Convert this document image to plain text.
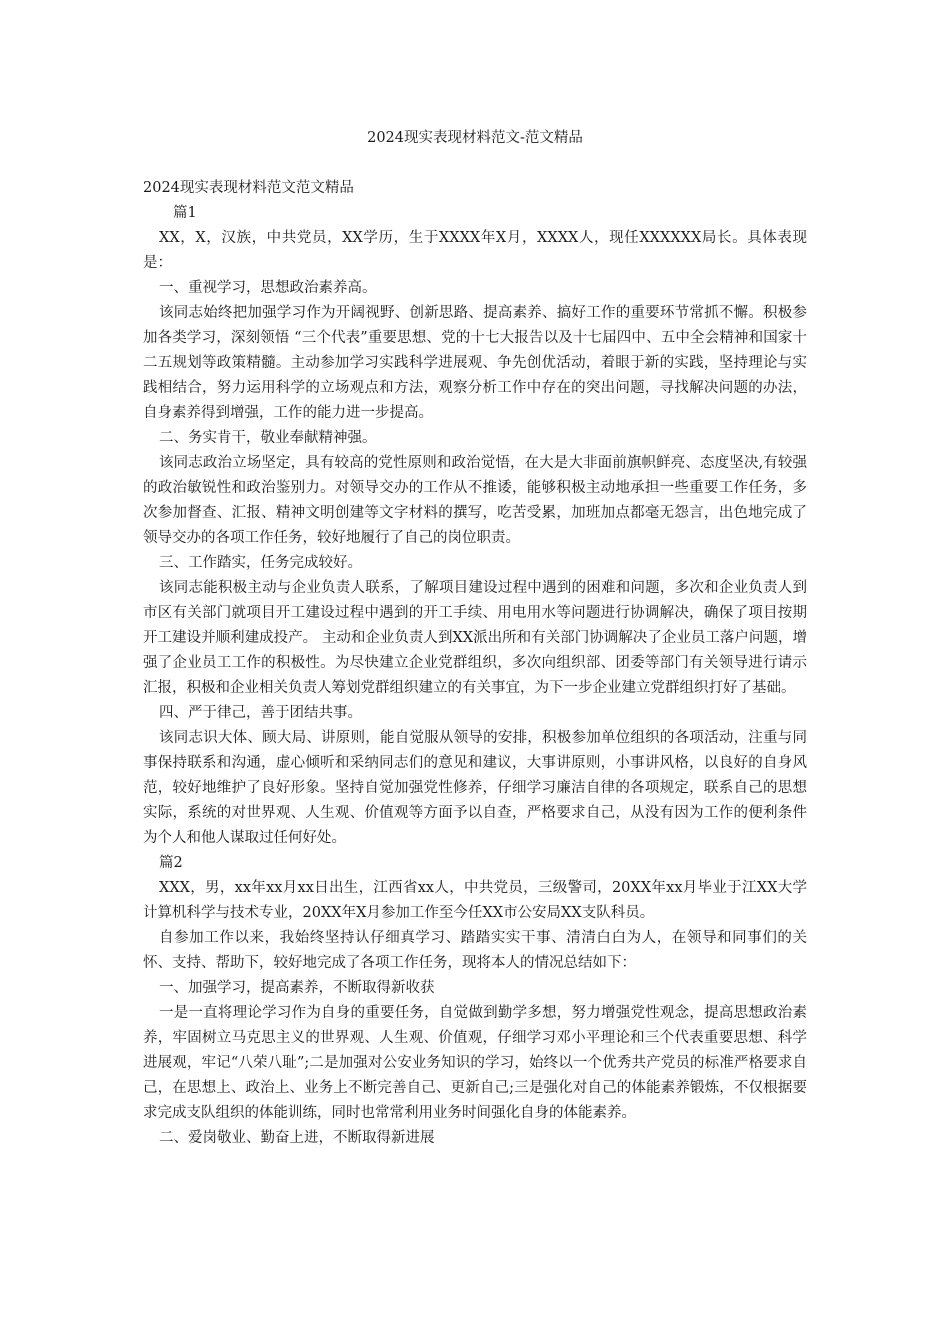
2024现实表现材料范文-范文精品

2024现实表现材料范文范文精品

篇1

XX，X，汉族，中共党员，XX学历，生于XXXX年X月，XXXX人，现任XXXXXX局长。具体表现是：

一、重视学习，思想政治素养高。

该同志始终把加强学习作为开阔视野、创新思路、提高素养、搞好工作的重要环节常抓不懈。积极参加各类学习，深刻领悟 “三个代表”重要思想、党的十七大报告以及十七届四中、五中全会精神和国家十二五规划等政策精髓。主动参加学习实践科学进展观、争先创优活动，着眼于新的实践，坚持理论与实践相结合，努力运用科学的立场观点和方法，观察分析工作中存在的突出问题，寻找解决问题的办法，自身素养得到增强，工作的能力进一步提高。

二、务实肯干，敬业奉献精神强。

该同志政治立场坚定，具有较高的党性原则和政治觉悟，在大是大非面前旗帜鲜亮、态度坚决,有较强的政治敏锐性和政治鉴别力。对领导交办的工作从不推诿，能够积极主动地承担一些重要工作任务，多次参加督查、汇报、精神文明创建等文字材料的撰写，吃苦受累，加班加点都毫无怨言，出色地完成了领导交办的各项工作任务，较好地履行了自己的岗位职责。

三、工作踏实，任务完成较好。

该同志能积极主动与企业负责人联系，了解项目建设过程中遇到的困难和问题，多次和企业负责人到市区有关部门就项目开工建设过程中遇到的开工手续、用电用水等问题进行协调解决，确保了项目按期开工建设并顺利建成投产。 主动和企业负责人到XX派出所和有关部门协调解决了企业员工落户问题，增强了企业员工工作的积极性。为尽快建立企业党群组织，多次向组织部、团委等部门有关领导进行请示汇报，积极和企业相关负责人筹划党群组织建立的有关事宜，为下一步企业建立党群组织打好了基础。

四、严于律己，善于团结共事。

该同志识大体、顾大局、讲原则，能自觉服从领导的安排，积极参加单位组织的各项活动，注重与同事保持联系和沟通，虚心倾听和采纳同志们的意见和建议，大事讲原则，小事讲风格，以良好的自身风范，较好地维护了良好形象。坚持自觉加强党性修养，仔细学习廉洁自律的各项规定，联系自己的思想实际，系统的对世界观、人生观、价值观等方面予以自查，严格要求自己，从没有因为工作的便利条件为个人和他人谋取过任何好处。

篇2

XXX，男，xx年xx月xx日出生，江西省xx人，中共党员，三级警司，20XX年xx月毕业于江XX大学计算机科学与技术专业，20XX年X月参加工作至今任XX市公安局XX支队科员。

自参加工作以来，我始终坚持认仔细真学习、踏踏实实干事、清清白白为人，在领导和同事们的关怀、支持、帮助下，较好地完成了各项工作任务，现将本人的情况总结如下：

一、加强学习，提高素养，不断取得新收获

一是一直将理论学习作为自身的重要任务，自觉做到勤学多想，努力增强党性观念，提高思想政治素养，牢固树立马克思主义的世界观、人生观、价值观，仔细学习邓小平理论和三个代表重要思想、科学进展观，牢记“八荣八耻”;二是加强对公安业务知识的学习，始终以一个优秀共产党员的标准严格要求自己，在思想上、政治上、业务上不断完善自己、更新自己;三是强化对自己的体能素养锻炼，不仅根据要求完成支队组织的体能训练，同时也常常利用业务时间强化自身的体能素养。

二、爱岗敬业、勤奋上进，不断取得新进展
